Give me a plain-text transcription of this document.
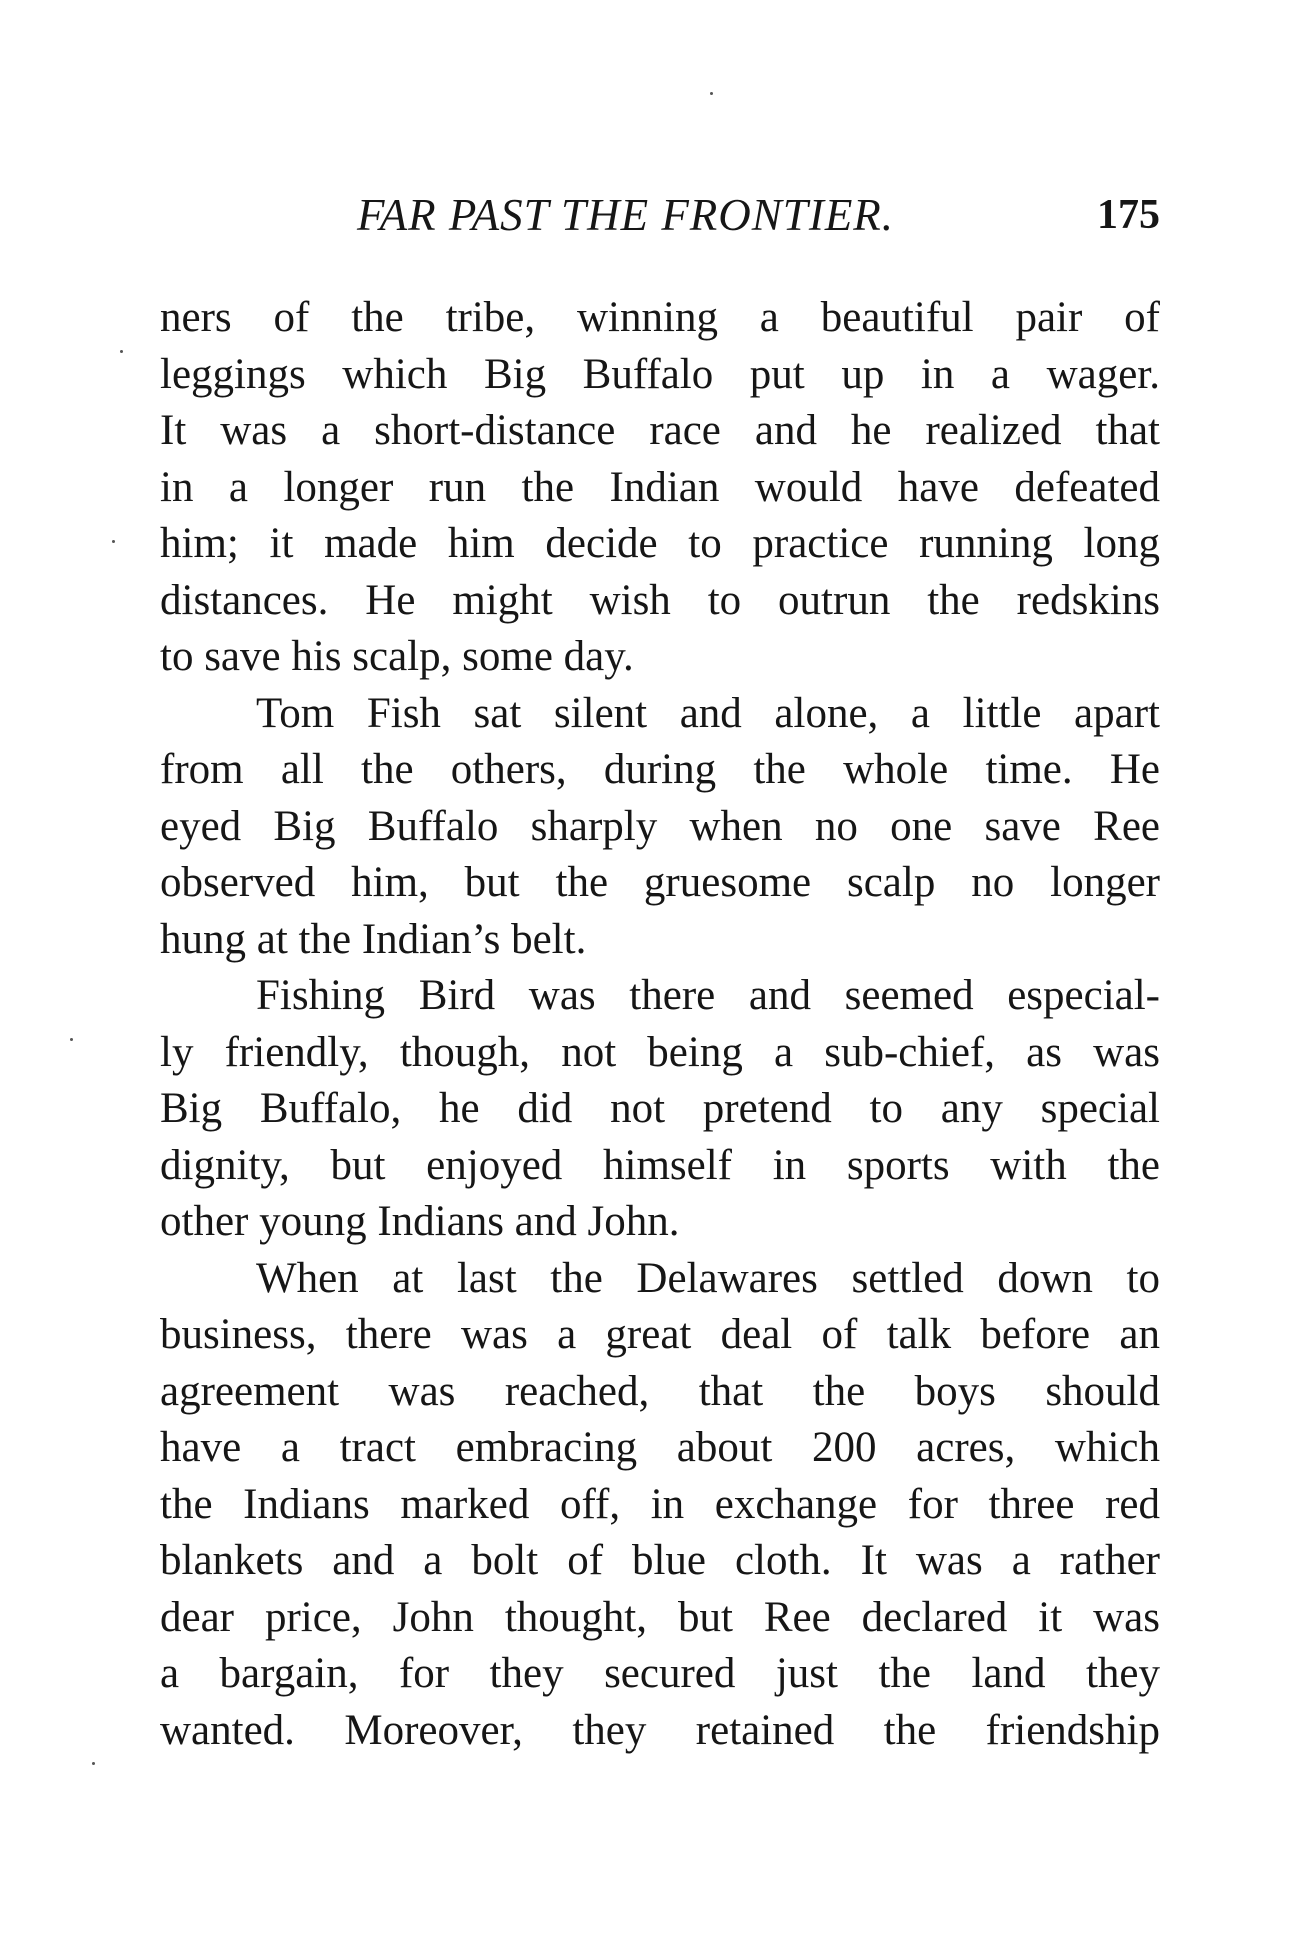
FAR PAST THE FRONTIER.	175
ners of the tribe, winning a beautiful pair of
leggings which Big Buffalo put up in a wager.
It was a short-distance race and he realized that
in a longer run the Indian would have defeated
him; it made him decide to practice running long
distances. He might wish to outrun the redskins
to save his scalp, some day.
Tom Fish sat silent and alone, a little apart
from all the others, during the whole time. He
eyed Big Buffalo sharply when no one save Ree
observed him, but the gruesome scalp no longer
hung at the Indian’s belt.
Fishing Bird was there and seemed especial-
ly friendly, though, not being a sub-chief, as was
Big Buffalo, he did not pretend to any special
dignity, but enjoyed himself in sports with the
other young Indians and John.
When at last the Delawares settled down to
business, there was a great deal of talk before an
agreement was reached, that the boys should
have a tract embracing about 200 acres, which
the Indians marked off, in exchange for three red
blankets and a bolt of blue cloth. It was a rather
dear price, John thought, but Ree declared it was
a bargain, for they secured just the land they
wanted. Moreover, they retained the friendship
